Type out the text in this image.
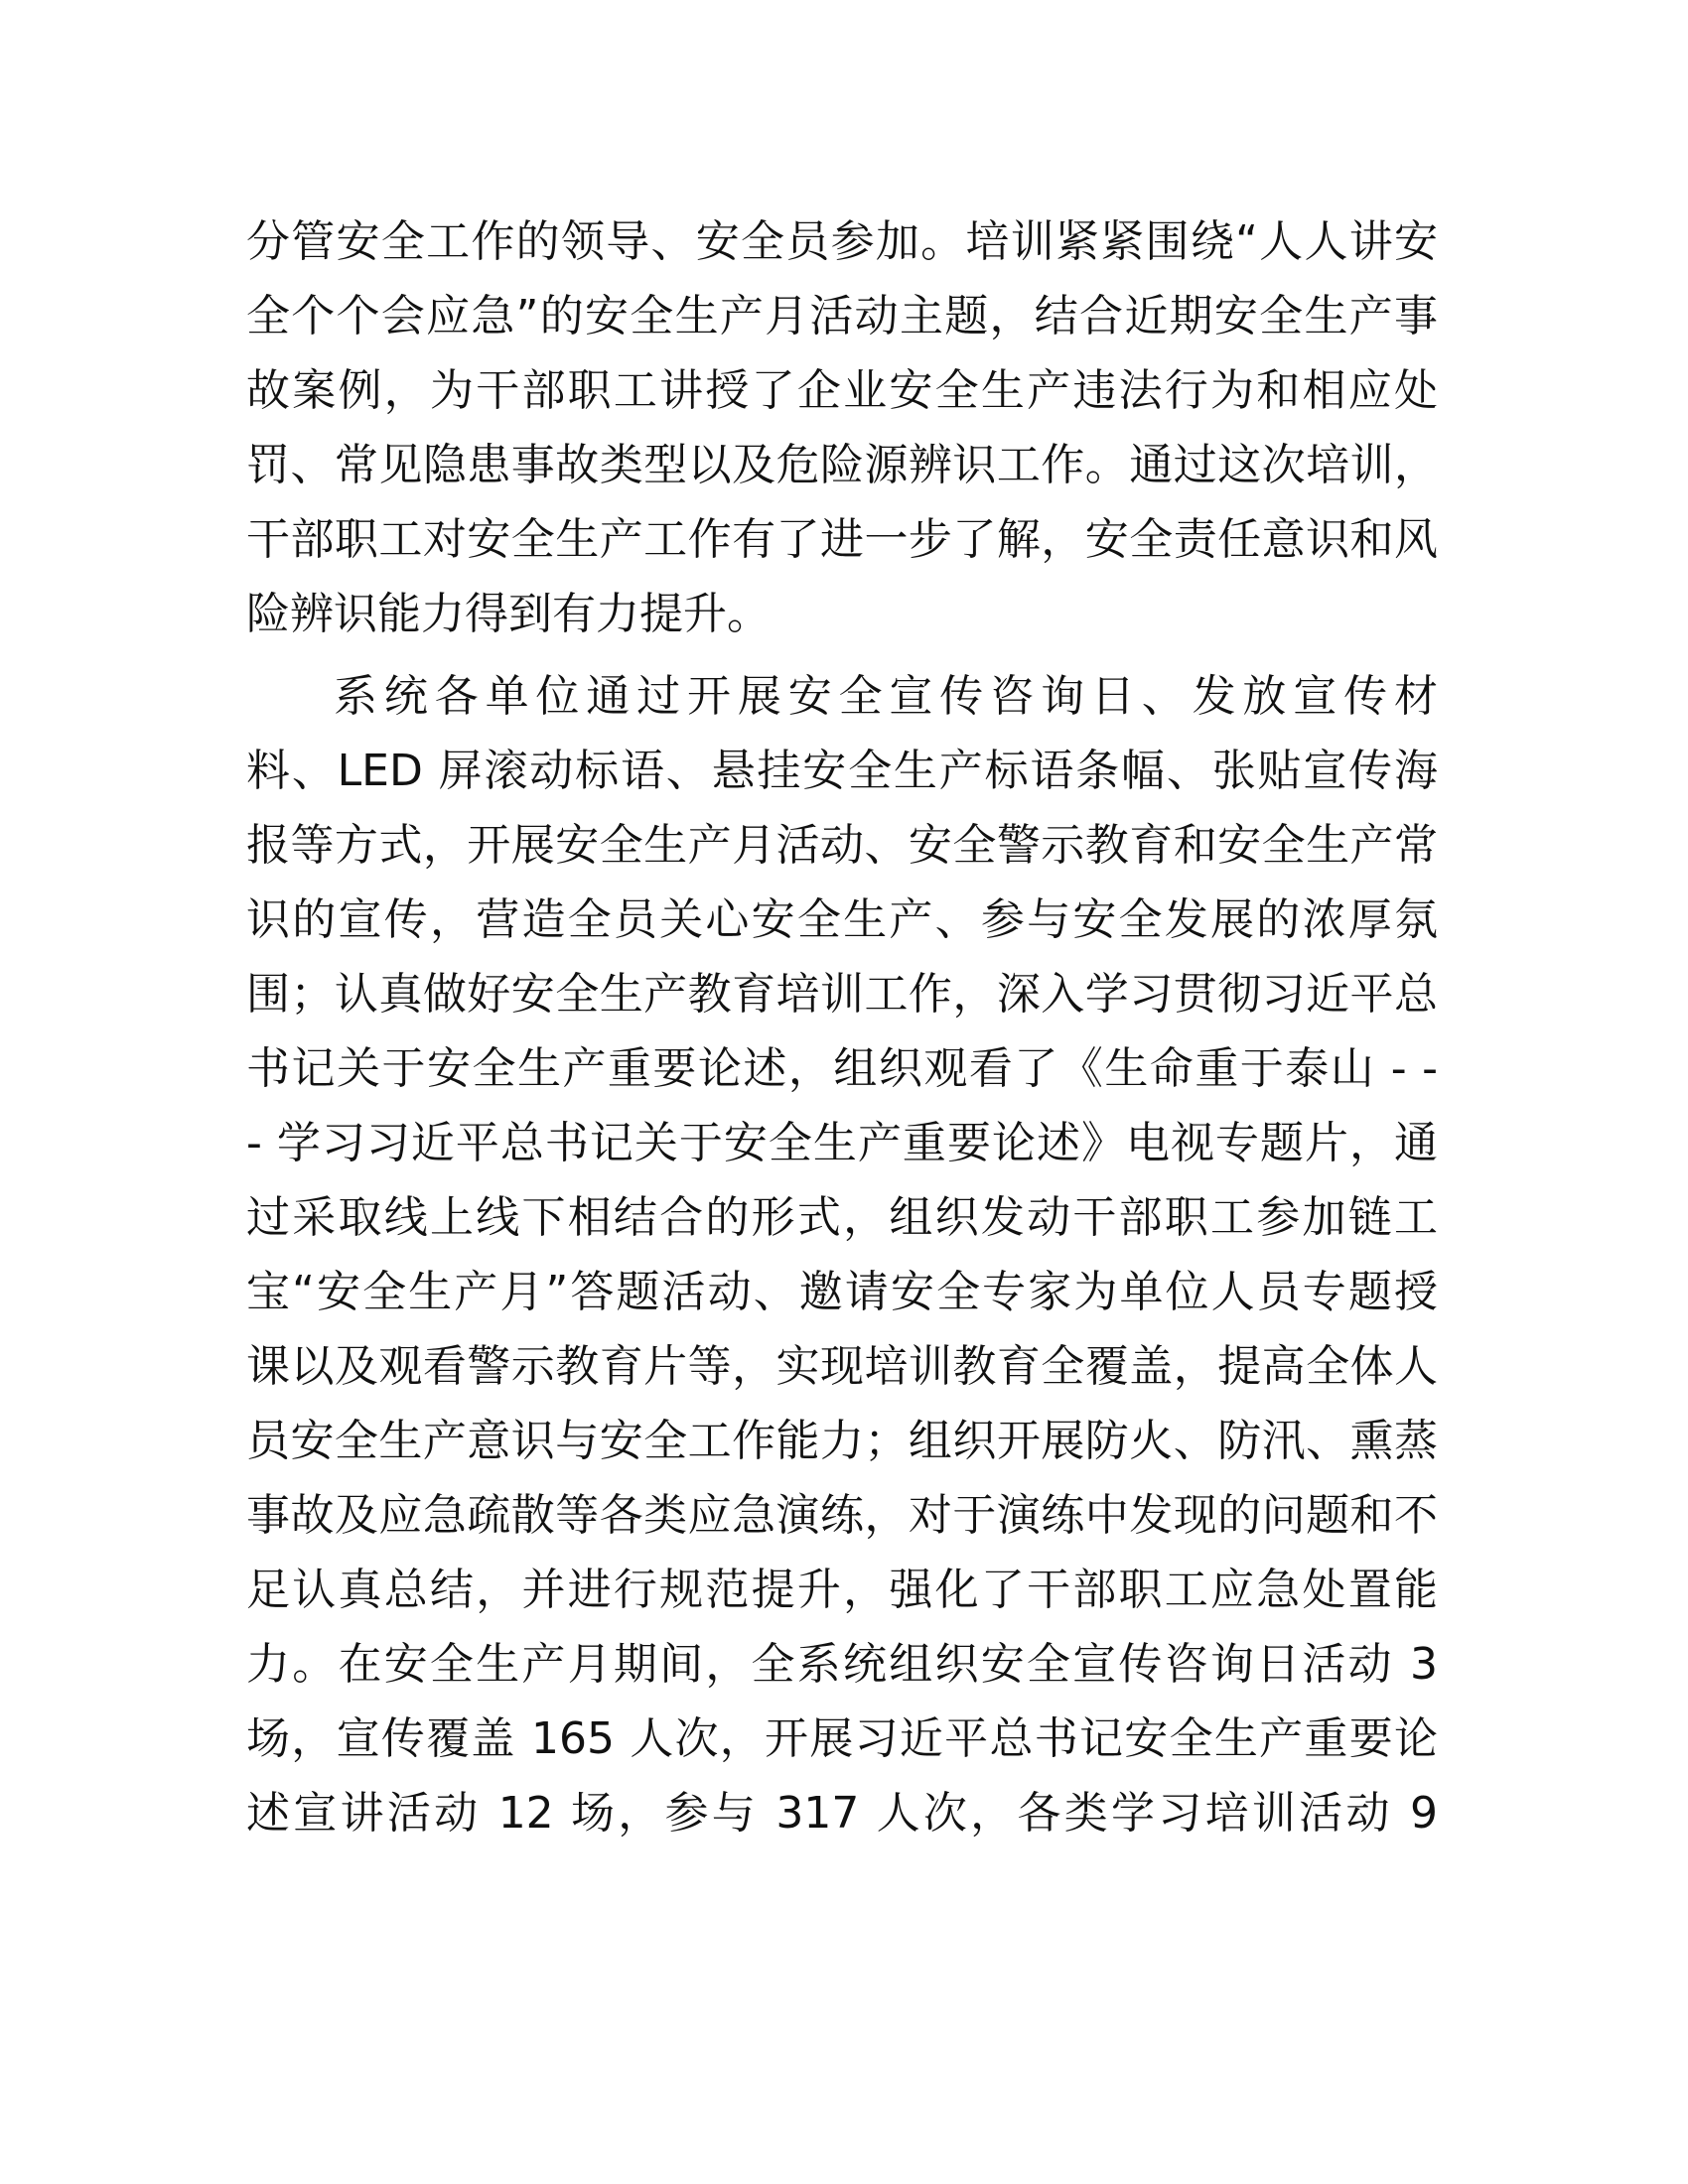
分管安全工作的领导、安全员参加。培训紧紧围绕“人人讲安
全个个会应急”的安全生产月活动主题，结合近期安全生产事
故案例，为干部职工讲授了企业安全生产违法行为和相应处
罚、常见隐患事故类型以及危险源辨识工作。通过这次培训，
干部职工对安全生产工作有了进一步了解，安全责任意识和风
险辨识能力得到有力提升。
系统各单位通过开展安全宣传咨询日、发放宣传材
料、LED 屏滚动标语、悬挂安全生产标语条幅、张贴宣传海
报等方式，开展安全生产月活动、安全警示教育和安全生产常
识的宣传，营造全员关心安全生产、参与安全发展的浓厚氛
围；认真做好安全生产教育培训工作，深入学习贯彻习近平总
书记关于安全生产重要论述，组织观看了《生命重于泰山 - -
- 学习习近平总书记关于安全生产重要论述》电视专题片，通
过采取线上线下相结合的形式，组织发动干部职工参加链工
宝“安全生产月”答题活动、邀请安全专家为单位人员专题授
课以及观看警示教育片等，实现培训教育全覆盖，提高全体人
员安全生产意识与安全工作能力；组织开展防火、防汛、熏蒸
事故及应急疏散等各类应急演练，对于演练中发现的问题和不
足认真总结，并进行规范提升，强化了干部职工应急处置能
力。在安全生产月期间，全系统组织安全宣传咨询日活动 3
场，宣传覆盖 165 人次，开展习近平总书记安全生产重要论
述宣讲活动 12 场，参与 317 人次，各类学习培训活动 9
